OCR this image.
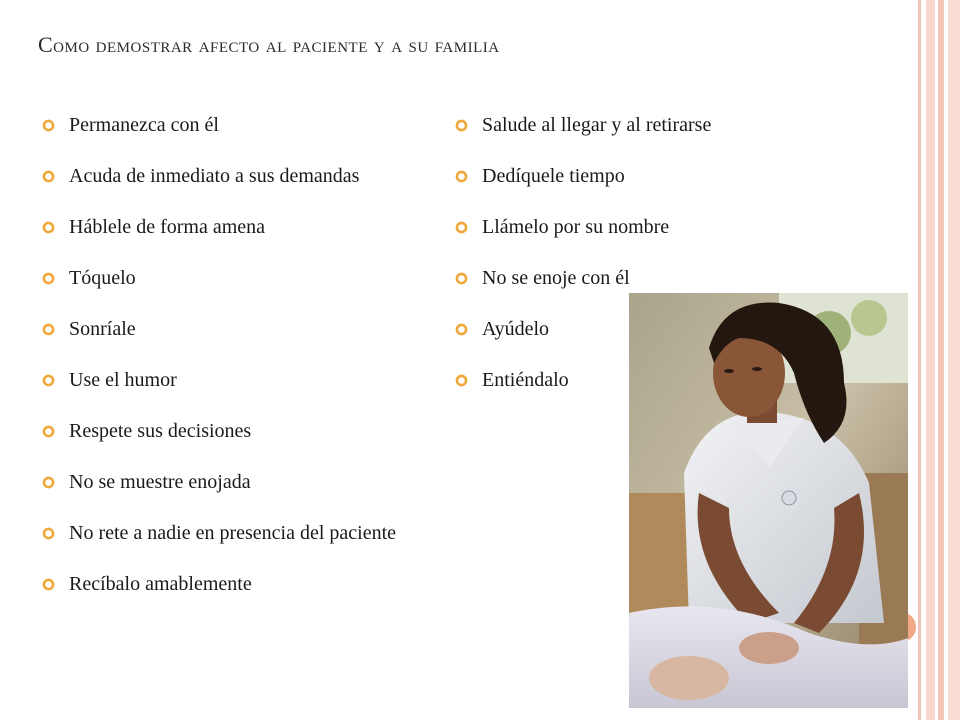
Como demostrar afecto al paciente y a su familia
Permanezca con él
Acuda de inmediato a sus demandas
Háblele de forma amena
Tóquelo
Sonríale
Use el humor
Respete sus decisiones
No se muestre enojada
No rete a nadie en presencia del paciente
Recíbalo amablemente
Salude al llegar y al retirarse
Dedíquele tiempo
Llámelo por su nombre
No se enoje con él
Ayúdelo
Entiéndalo
